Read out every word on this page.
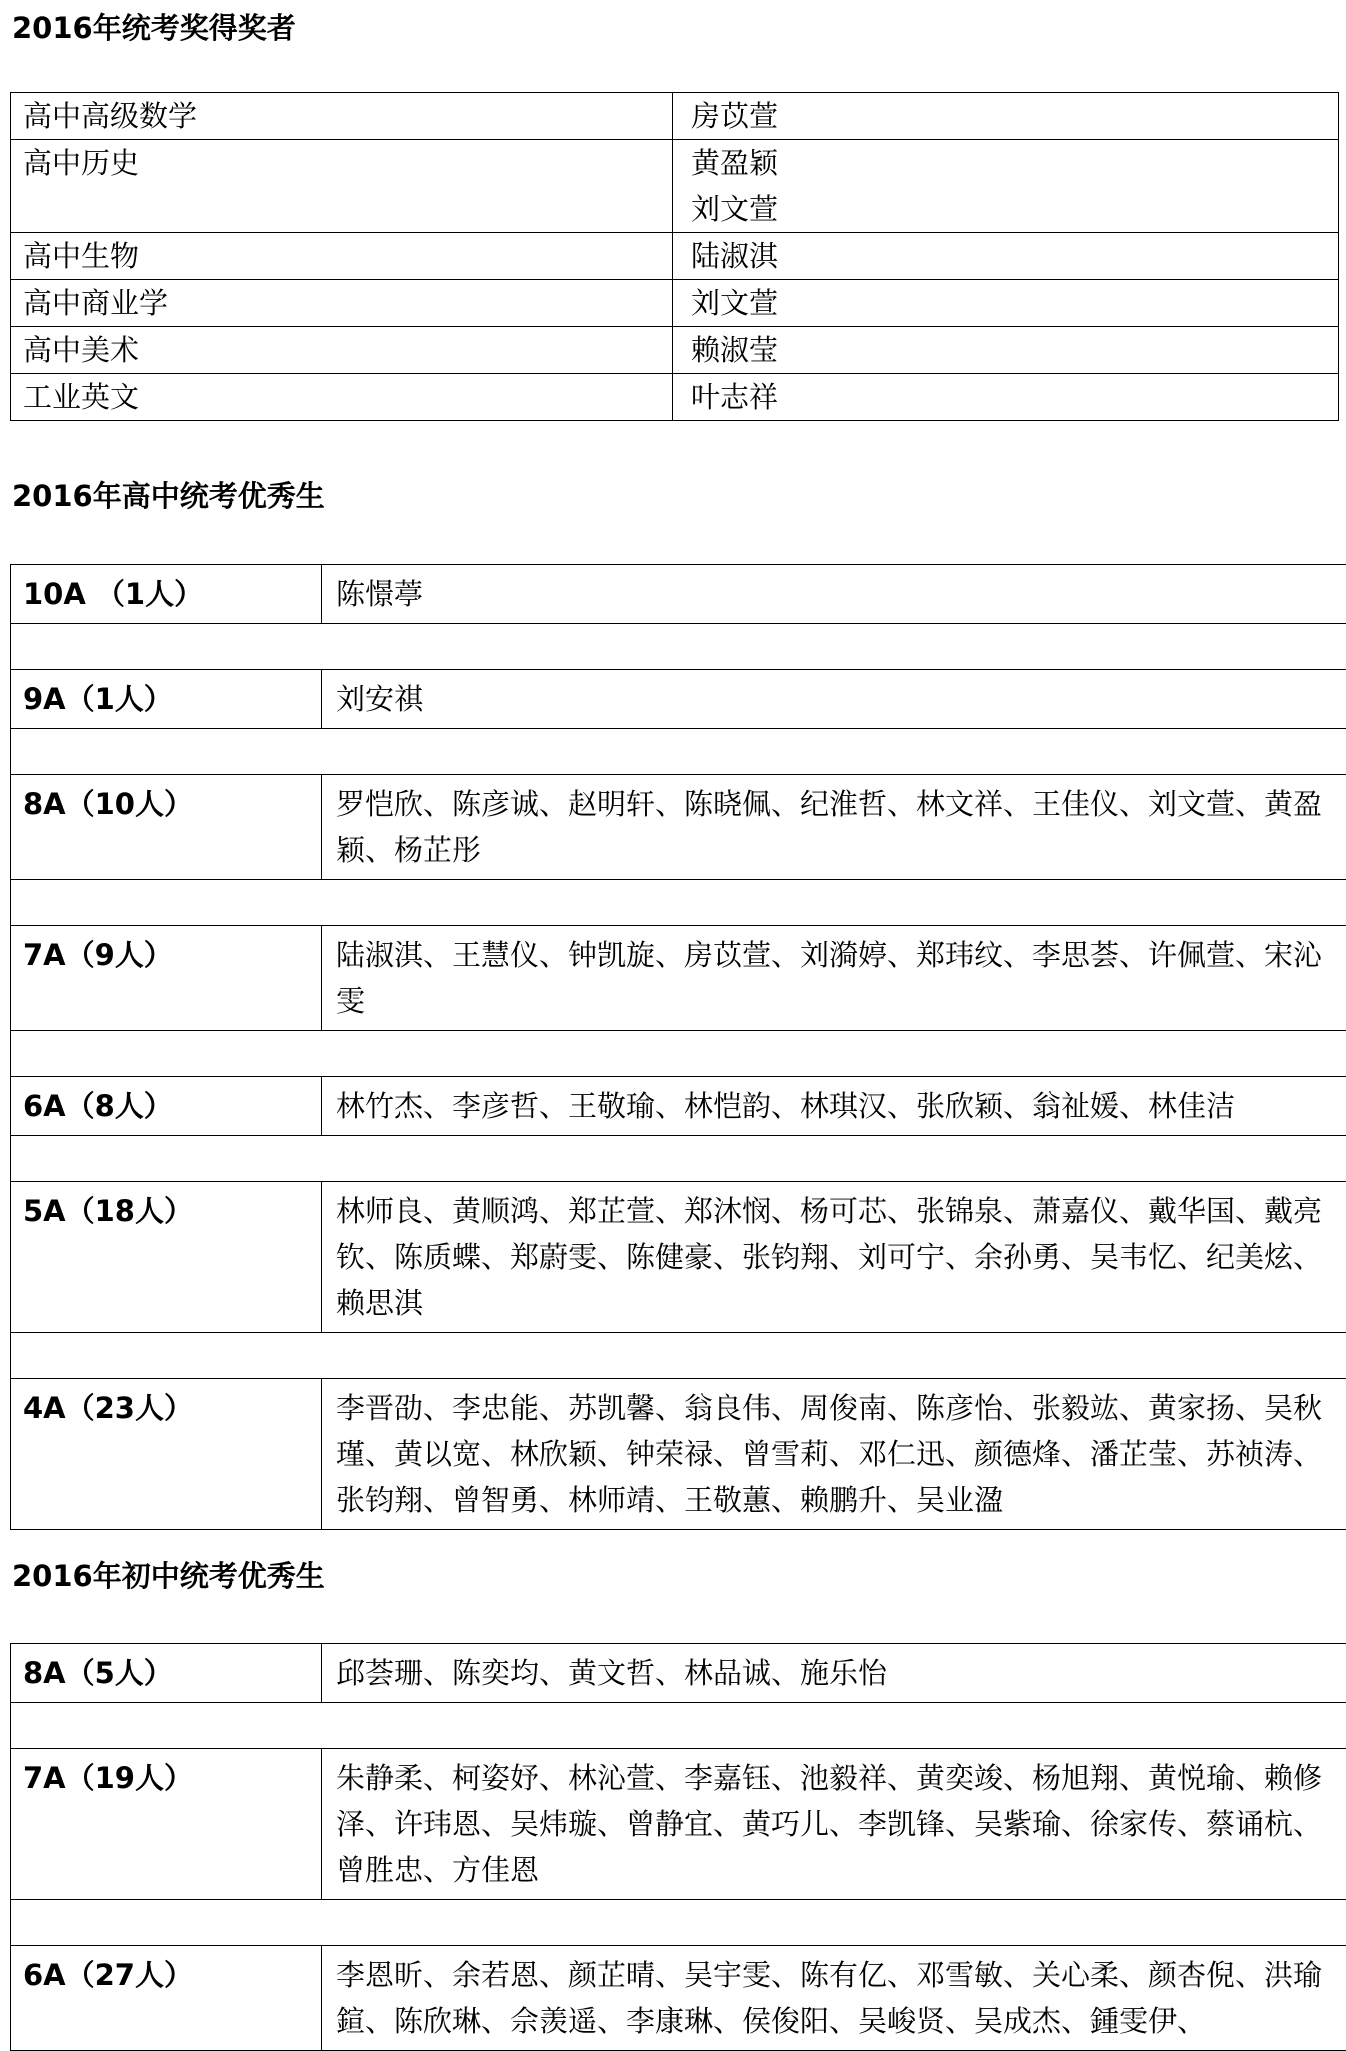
2016年统考奖得奖者
高中高级数学	房苡萱

高中历史	黄盈颖
刘文萱

高中生物	陆淑淇

高中商业学	刘文萱

高中美术	赖淑莹

工业英文	叶志祥
2016年高中统考优秀生
10A （1人）	陈憬葶

9A（1人）	刘安祺

8A（10人）	罗恺欣、陈彦诚、赵明轩、陈晓佩、纪淮哲、林文祥、王佳仪、刘文萱、黄盈颖、杨芷彤

7A（9人）	陆淑淇、王慧仪、钟凯旋、房苡萱、刘漪婷、郑玮纹、李思荟、许佩萱、宋沁雯

6A（8人）	林竹杰、李彦哲、王敬瑜、林恺韵、林琪汉、张欣颖、翁祉媛、林佳洁

5A（18人）	林师良、黄顺鸿、郑芷萱、郑沐悯、杨可芯、张锦泉、萧嘉仪、戴华国、戴亮钦、陈质蝶、郑蔚雯、陈健豪、张钧翔、刘可宁、余孙勇、吴韦忆、纪美炫、赖思淇

4A（23人）	李晋劭、李忠能、苏凯馨、翁良伟、周俊南、陈彦怡、张毅竑、黄家扬、吴秋瑾、黄以宽、林欣颖、钟荣禄、曾雪莉、邓仁迅、颜德烽、潘芷莹、苏祯涛、张钧翔、曾智勇、林师靖、王敬蕙、赖鹏升、吴业溋
2016年初中统考优秀生
8A（5人）	邱荟珊、陈奕均、黄文哲、林品诚、施乐怡

7A（19人）	朱静柔、柯姿妤、林沁萱、李嘉钰、池毅祥、黄奕竣、杨旭翔、黄悦瑜、赖修泽、许玮恩、吴炜璇、曾静宜、黄巧儿、李凯锋、吴紫瑜、徐家传、蔡诵杭、曾胜忠、方佳恩

6A（27人）	李恩昕、余若恩、颜芷晴、吴宇雯、陈有亿、邓雪敏、关心柔、颜杏倪、洪瑜鍹、陈欣琳、佘羡遥、李康琳、侯俊阳、吴峻贤、吴成杰、鍾雯伊、
